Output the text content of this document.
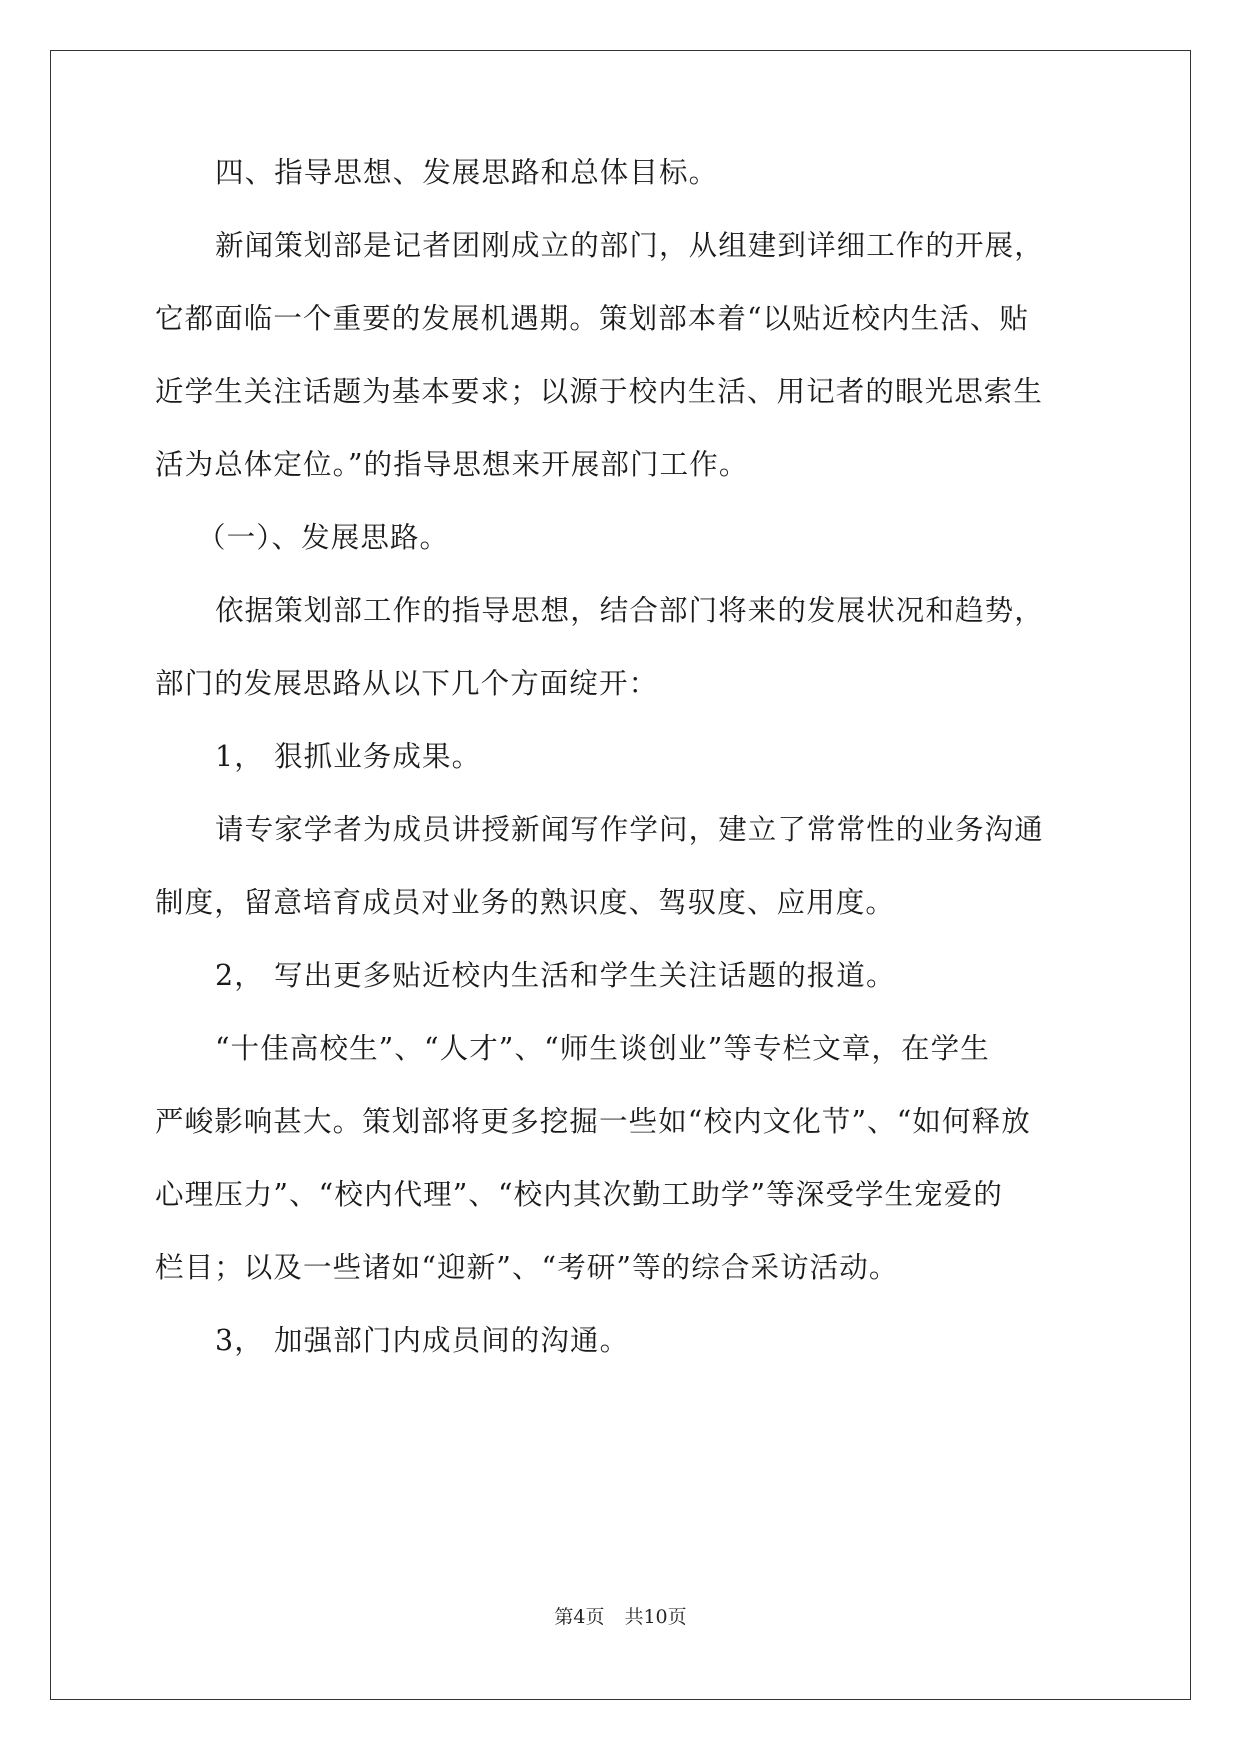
四、指导思想、发展思路和总体目标。
新闻策划部是记者团刚成立的部门，从组建到详细工作的开展，
它都面临一个重要的发展机遇期。策划部本着“以贴近校内生活、贴
近学生关注话题为基本要求；以源于校内生活、用记者的眼光思索生
活为总体定位。”的指导思想来开展部门工作。
（一）、发展思路。
依据策划部工作的指导思想，结合部门将来的发展状况和趋势，
部门的发展思路从以下几个方面绽开：
1， 狠抓业务成果。
请专家学者为成员讲授新闻写作学问，建立了常常性的业务沟通
制度，留意培育成员对业务的熟识度、驾驭度、应用度。
2， 写出更多贴近校内生活和学生关注话题的报道。
“十佳高校生”、“人才”、“师生谈创业”等专栏文章，在学生
严峻影响甚大。策划部将更多挖掘一些如“校内文化节”、“如何释放
心理压力”、“校内代理”、“校内其次勤工助学”等深受学生宠爱的
栏目；以及一些诸如“迎新”、“考研”等的综合采访活动。
3， 加强部门内成员间的沟通。
第4页 共10页
